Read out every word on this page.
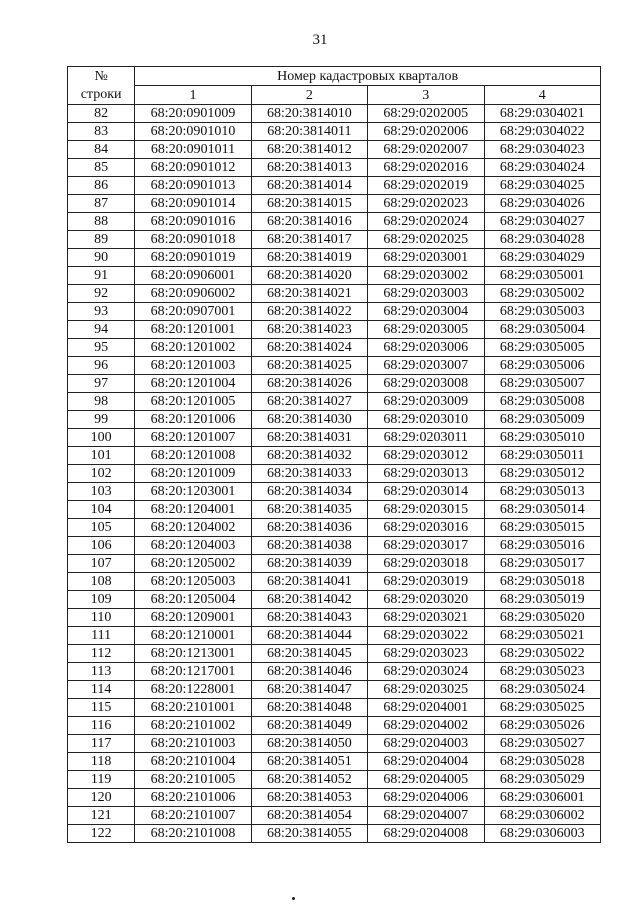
31
№	Номер кадастровых кварталов			
строки	1	2	3	4
82	68:20:0901009	68:20:3814010	68:29:0202005	68:29:0304021
83	68:20:0901010	68:20:3814011	68:29:0202006	68:29:0304022
84	68:20:0901011	68:20:3814012	68:29:0202007	68:29:0304023
85	68:20:0901012	68:20:3814013	68:29:0202016	68:29:0304024
86	68:20:0901013	68:20:3814014	68:29:0202019	68:29:0304025
87	68:20:0901014	68:20:3814015	68:29:0202023	68:29:0304026
88	68:20:0901016	68:20:3814016	68:29:0202024	68:29:0304027
89	68:20:0901018	68:20:3814017	68:29:0202025	68:29:0304028
90	68:20:0901019	68:20:3814019	68:29:0203001	68:29:0304029
91	68:20:0906001	68:20:3814020	68:29:0203002	68:29:0305001
92	68:20:0906002	68:20:3814021	68:29:0203003	68:29:0305002
93	68:20:0907001	68:20:3814022	68:29:0203004	68:29:0305003
94	68:20:1201001	68:20:3814023	68:29:0203005	68:29:0305004
95	68:20:1201002	68:20:3814024	68:29:0203006	68:29:0305005
96	68:20:1201003	68:20:3814025	68:29:0203007	68:29:0305006
97	68:20:1201004	68:20:3814026	68:29:0203008	68:29:0305007
98	68:20:1201005	68:20:3814027	68:29:0203009	68:29:0305008
99	68:20:1201006	68:20:3814030	68:29:0203010	68:29:0305009
100	68:20:1201007	68:20:3814031	68:29:0203011	68:29:0305010
101	68:20:1201008	68:20:3814032	68:29:0203012	68:29:0305011
102	68:20:1201009	68:20:3814033	68:29:0203013	68:29:0305012
103	68:20:1203001	68:20:3814034	68:29:0203014	68:29:0305013
104	68:20:1204001	68:20:3814035	68:29:0203015	68:29:0305014
105	68:20:1204002	68:20:3814036	68:29:0203016	68:29:0305015
106	68:20:1204003	68:20:3814038	68:29:0203017	68:29:0305016
107	68:20:1205002	68:20:3814039	68:29:0203018	68:29:0305017
108	68:20:1205003	68:20:3814041	68:29:0203019	68:29:0305018
109	68:20:1205004	68:20:3814042	68:29:0203020	68:29:0305019
110	68:20:1209001	68:20:3814043	68:29:0203021	68:29:0305020
111	68:20:1210001	68:20:3814044	68:29:0203022	68:29:0305021
112	68:20:1213001	68:20:3814045	68:29:0203023	68:29:0305022
113	68:20:1217001	68:20:3814046	68:29:0203024	68:29:0305023
114	68:20:1228001	68:20:3814047	68:29:0203025	68:29:0305024
115	68:20:2101001	68:20:3814048	68:29:0204001	68:29:0305025
116	68:20:2101002	68:20:3814049	68:29:0204002	68:29:0305026
117	68:20:2101003	68:20:3814050	68:29:0204003	68:29:0305027
118	68:20:2101004	68:20:3814051	68:29:0204004	68:29:0305028
119	68:20:2101005	68:20:3814052	68:29:0204005	68:29:0305029
120	68:20:2101006	68:20:3814053	68:29:0204006	68:29:0306001
121	68:20:2101007	68:20:3814054	68:29:0204007	68:29:0306002
122	68:20:2101008	68:20:3814055	68:29:0204008	68:29:0306003
